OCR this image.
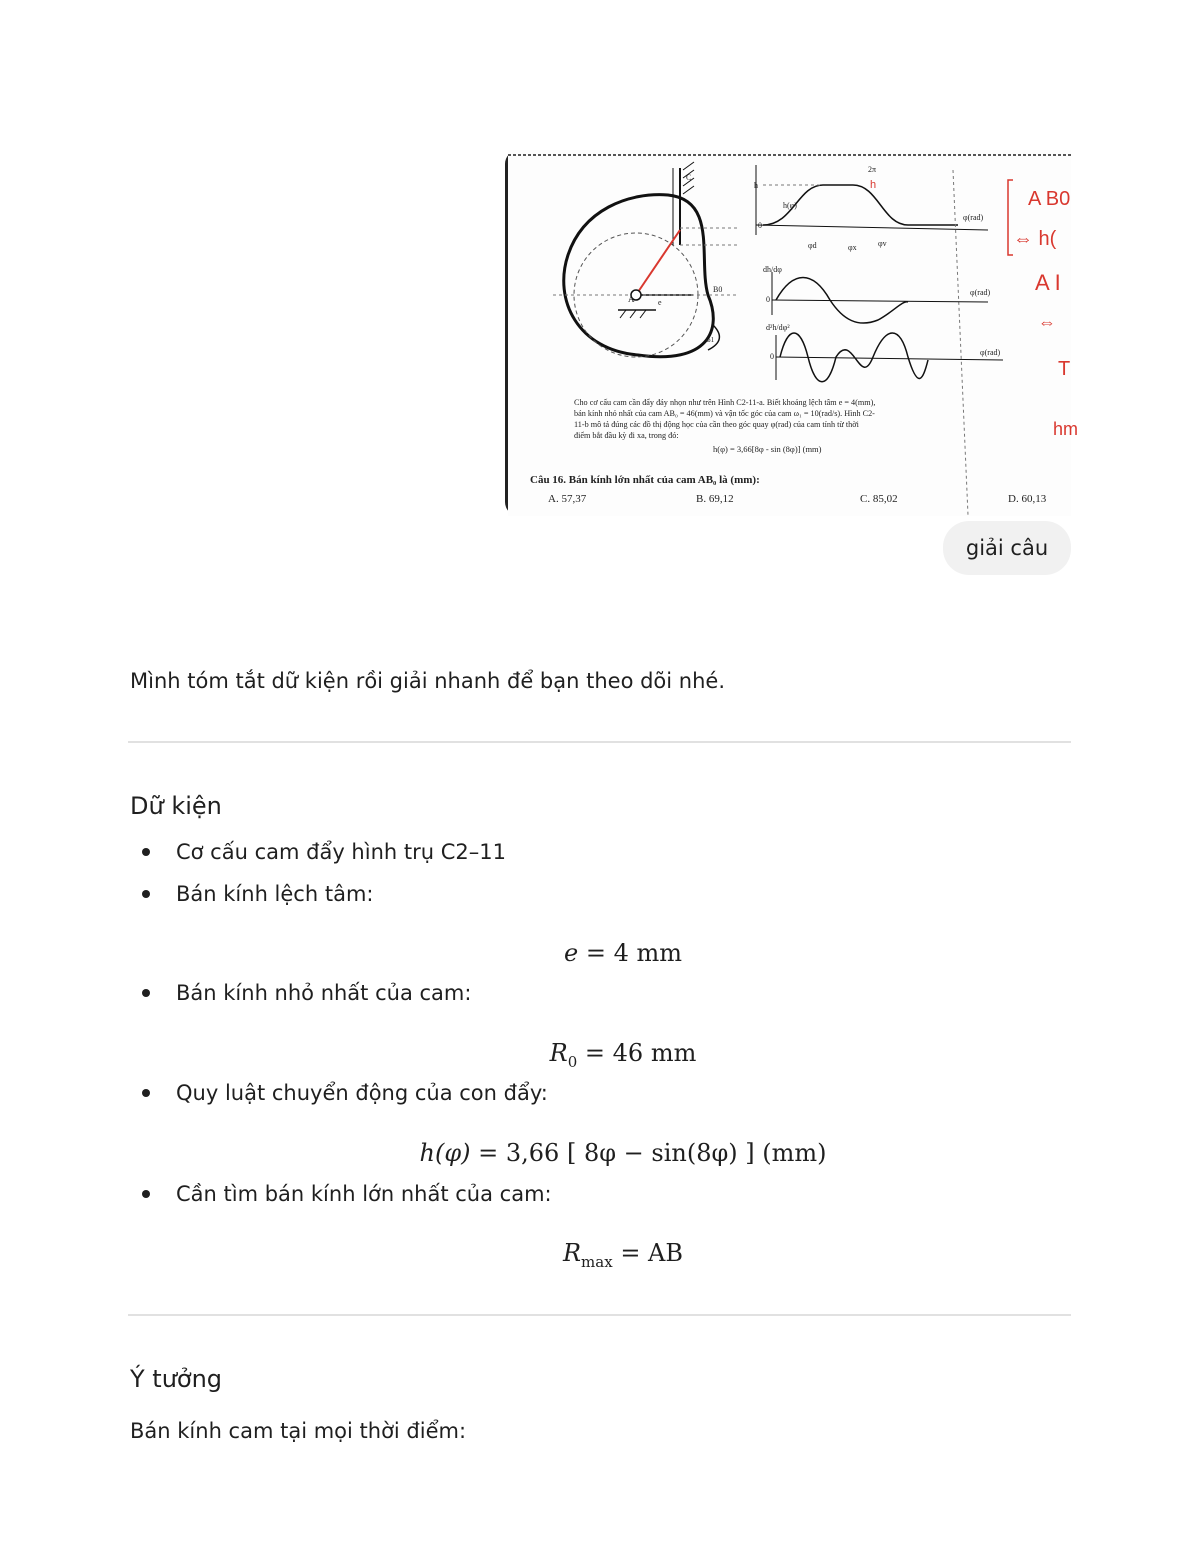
A
C
B0
e
ω1
h(φ)
φ(rad)
2π
h
0
φd	φx	φv
h
dh/dφ
φ(rad)
0
d²h/dφ²
φ(rad)
0
A B0
⇔ h(
A I
⇔
T
hm
Cho cơ cấu cam cần đẩy đáy nhọn như trên Hình C2-11-a. Biết khoảng lệch tâm e = 4(mm),
bán kính nhỏ nhất của cam AB₀ = 46(mm) và vận tốc góc của cam ω₁ = 10(rad/s). Hình C2-
11-b mô tả đúng các đồ thị động học của cần theo góc quay φ(rad) của cam tính từ thời
điểm bắt đầu kỳ đi xa, trong đó:
h(φ) = 3,66[8φ - sin (8φ)] (mm)
Câu 16. Bán kính lớn nhất của cam AB₀ là (mm):
A. 57,37	B. 69,12	C. 85,02	D. 60,13
giải câu
Mình tóm tắt dữ kiện rồi giải nhanh để bạn theo dõi nhé.
Dữ kiện
Cơ cấu cam đẩy hình trụ C2–11
Bán kính lệch tâm:
e = 4 mm
Bán kính nhỏ nhất của cam:
$R_0 = 46$ mm
Quy luật chuyển động của con đẩy:
h(φ) = 3,66 [ 8φ − sin(8φ) ] (mm)
Cần tìm bán kính lớn nhất của cam:
$R_{max}$ = AB
Ý tưởng
Bán kính cam tại mọi thời điểm:
